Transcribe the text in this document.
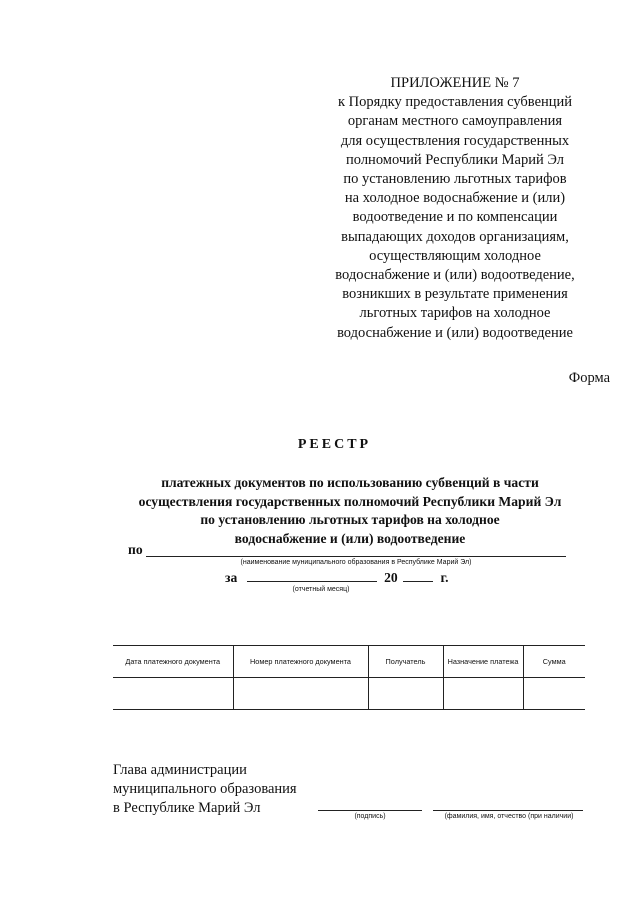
ПРИЛОЖЕНИЕ № 7
к Порядку предоставления субвенций
органам местного самоуправления
для осуществления государственных
полномочий Республики Марий Эл
по установлению льготных тарифов
на холодное водоснабжение и (или)
водоотведение и по компенсации
выпадающих доходов организациям,
осуществляющим холодное
водоснабжение и (или) водоотведение,
возникших в результате применения
льготных тарифов на холодное
водоснабжение и (или) водоотведение
Форма
РЕЕСТР
платежных документов по использованию субвенций в части
осуществления государственных полномочий Республики Марий Эл
по установлению льготных тарифов на холодное
водоснабжение и (или) водоотведение
по
(наименование муниципального образования в Республике Марий Эл)
за	20	г.
(отчетный месяц)
Дата платежного документа	Номер платежного документа	Получатель	Назначение платежа	Сумма

Глава администрации
муниципального образования
в Республике Марий Эл
(подпись)	(фамилия, имя, отчество (при наличии)
